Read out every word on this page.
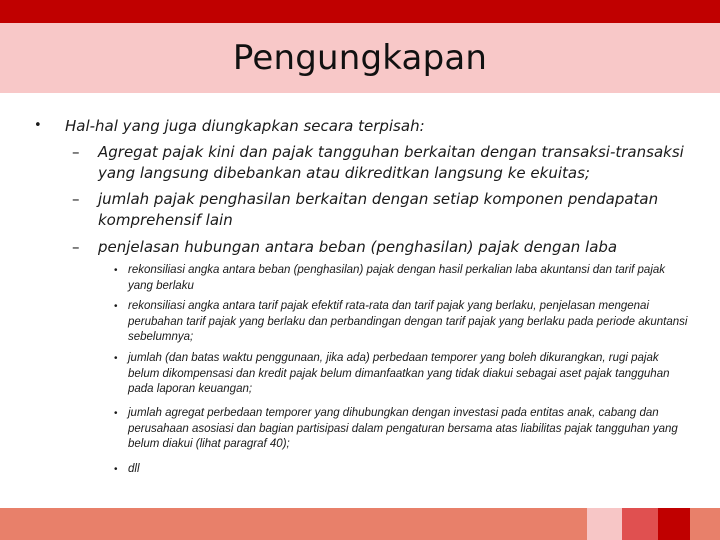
Pengungkapan
• Hal-hal yang juga diungkapkan secara terpisah:
– Agregat pajak kini dan pajak tangguhan berkaitan dengan transaksi-transaksi yang langsung dibebankan atau dikreditkan langsung ke ekuitas;
– jumlah pajak penghasilan berkaitan dengan setiap komponen pendapatan komprehensif lain
– penjelasan hubungan antara beban (penghasilan) pajak dengan laba
• rekonsiliasi angka antara beban (penghasilan) pajak dengan hasil perkalian laba akuntansi dan tarif pajak yang berlaku
• rekonsiliasi angka antara tarif pajak efektif rata-rata dan tarif pajak yang berlaku, penjelasan mengenai perubahan tarif pajak yang berlaku dan perbandingan dengan tarif pajak yang berlaku pada periode akuntansi sebelumnya;
• jumlah (dan batas waktu penggunaan, jika ada) perbedaan temporer yang boleh dikurangkan, rugi pajak belum dikompensasi dan kredit pajak belum dimanfaatkan yang tidak diakui sebagai aset pajak tangguhan pada laporan keuangan;
• jumlah agregat perbedaan temporer yang dihubungkan dengan investasi pada entitas anak, cabang dan perusahaan asosiasi dan bagian partisipasi dalam pengaturan bersama atas liabilitas pajak tangguhan yang belum diakui (lihat paragraf 40);
• dll
